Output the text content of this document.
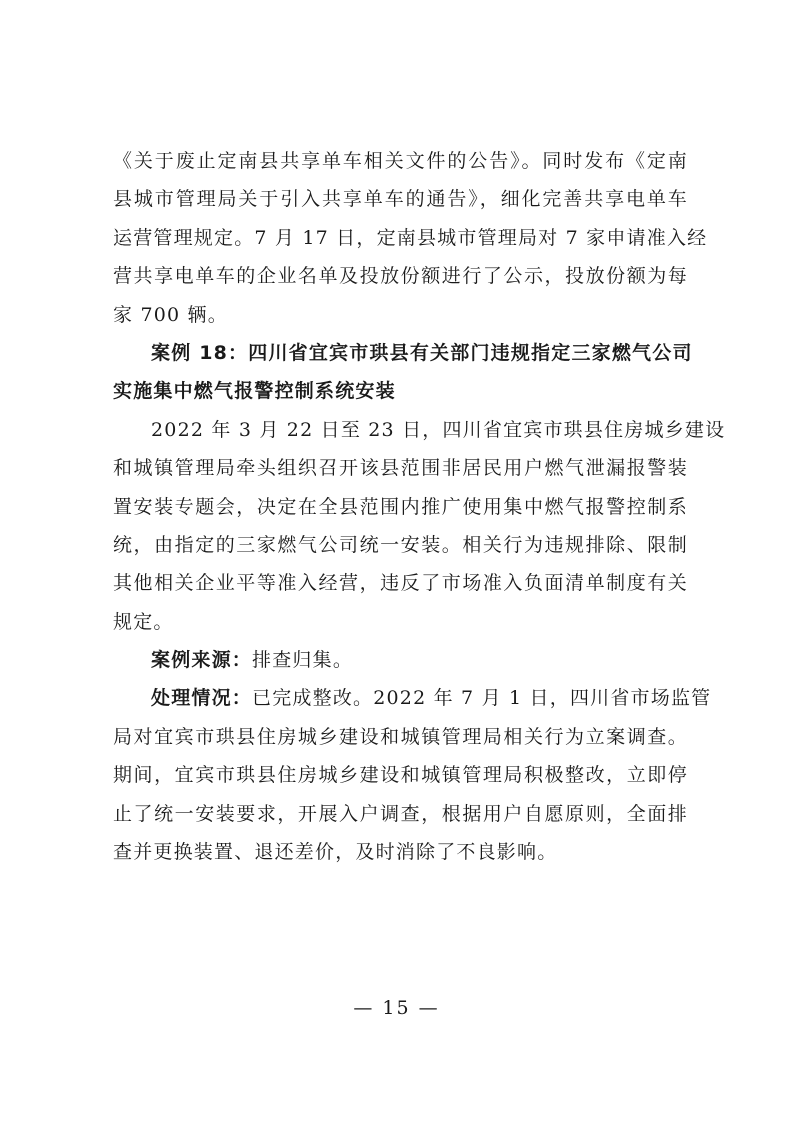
《关于废止定南县共享单车相关文件的公告》。同时发布《定南
县城市管理局关于引入共享单车的通告》，细化完善共享电单车
运营管理规定。7 月 17 日，定南县城市管理局对 7 家申请准入经
营共享电单车的企业名单及投放份额进行了公示，投放份额为每
家 700 辆。
案例 18：四川省宜宾市珙县有关部门违规指定三家燃气公司
实施集中燃气报警控制系统安装
2022 年 3 月 22 日至 23 日，四川省宜宾市珙县住房城乡建设
和城镇管理局牵头组织召开该县范围非居民用户燃气泄漏报警装
置安装专题会，决定在全县范围内推广使用集中燃气报警控制系
统，由指定的三家燃气公司统一安装。相关行为违规排除、限制
其他相关企业平等准入经营，违反了市场准入负面清单制度有关
规定。
案例来源：排查归集。
处理情况：已完成整改。2022 年 7 月 1 日，四川省市场监管
局对宜宾市珙县住房城乡建设和城镇管理局相关行为立案调查。
期间，宜宾市珙县住房城乡建设和城镇管理局积极整改，立即停
止了统一安装要求，开展入户调查，根据用户自愿原则，全面排
查并更换装置、退还差价，及时消除了不良影响。
— 15 —
